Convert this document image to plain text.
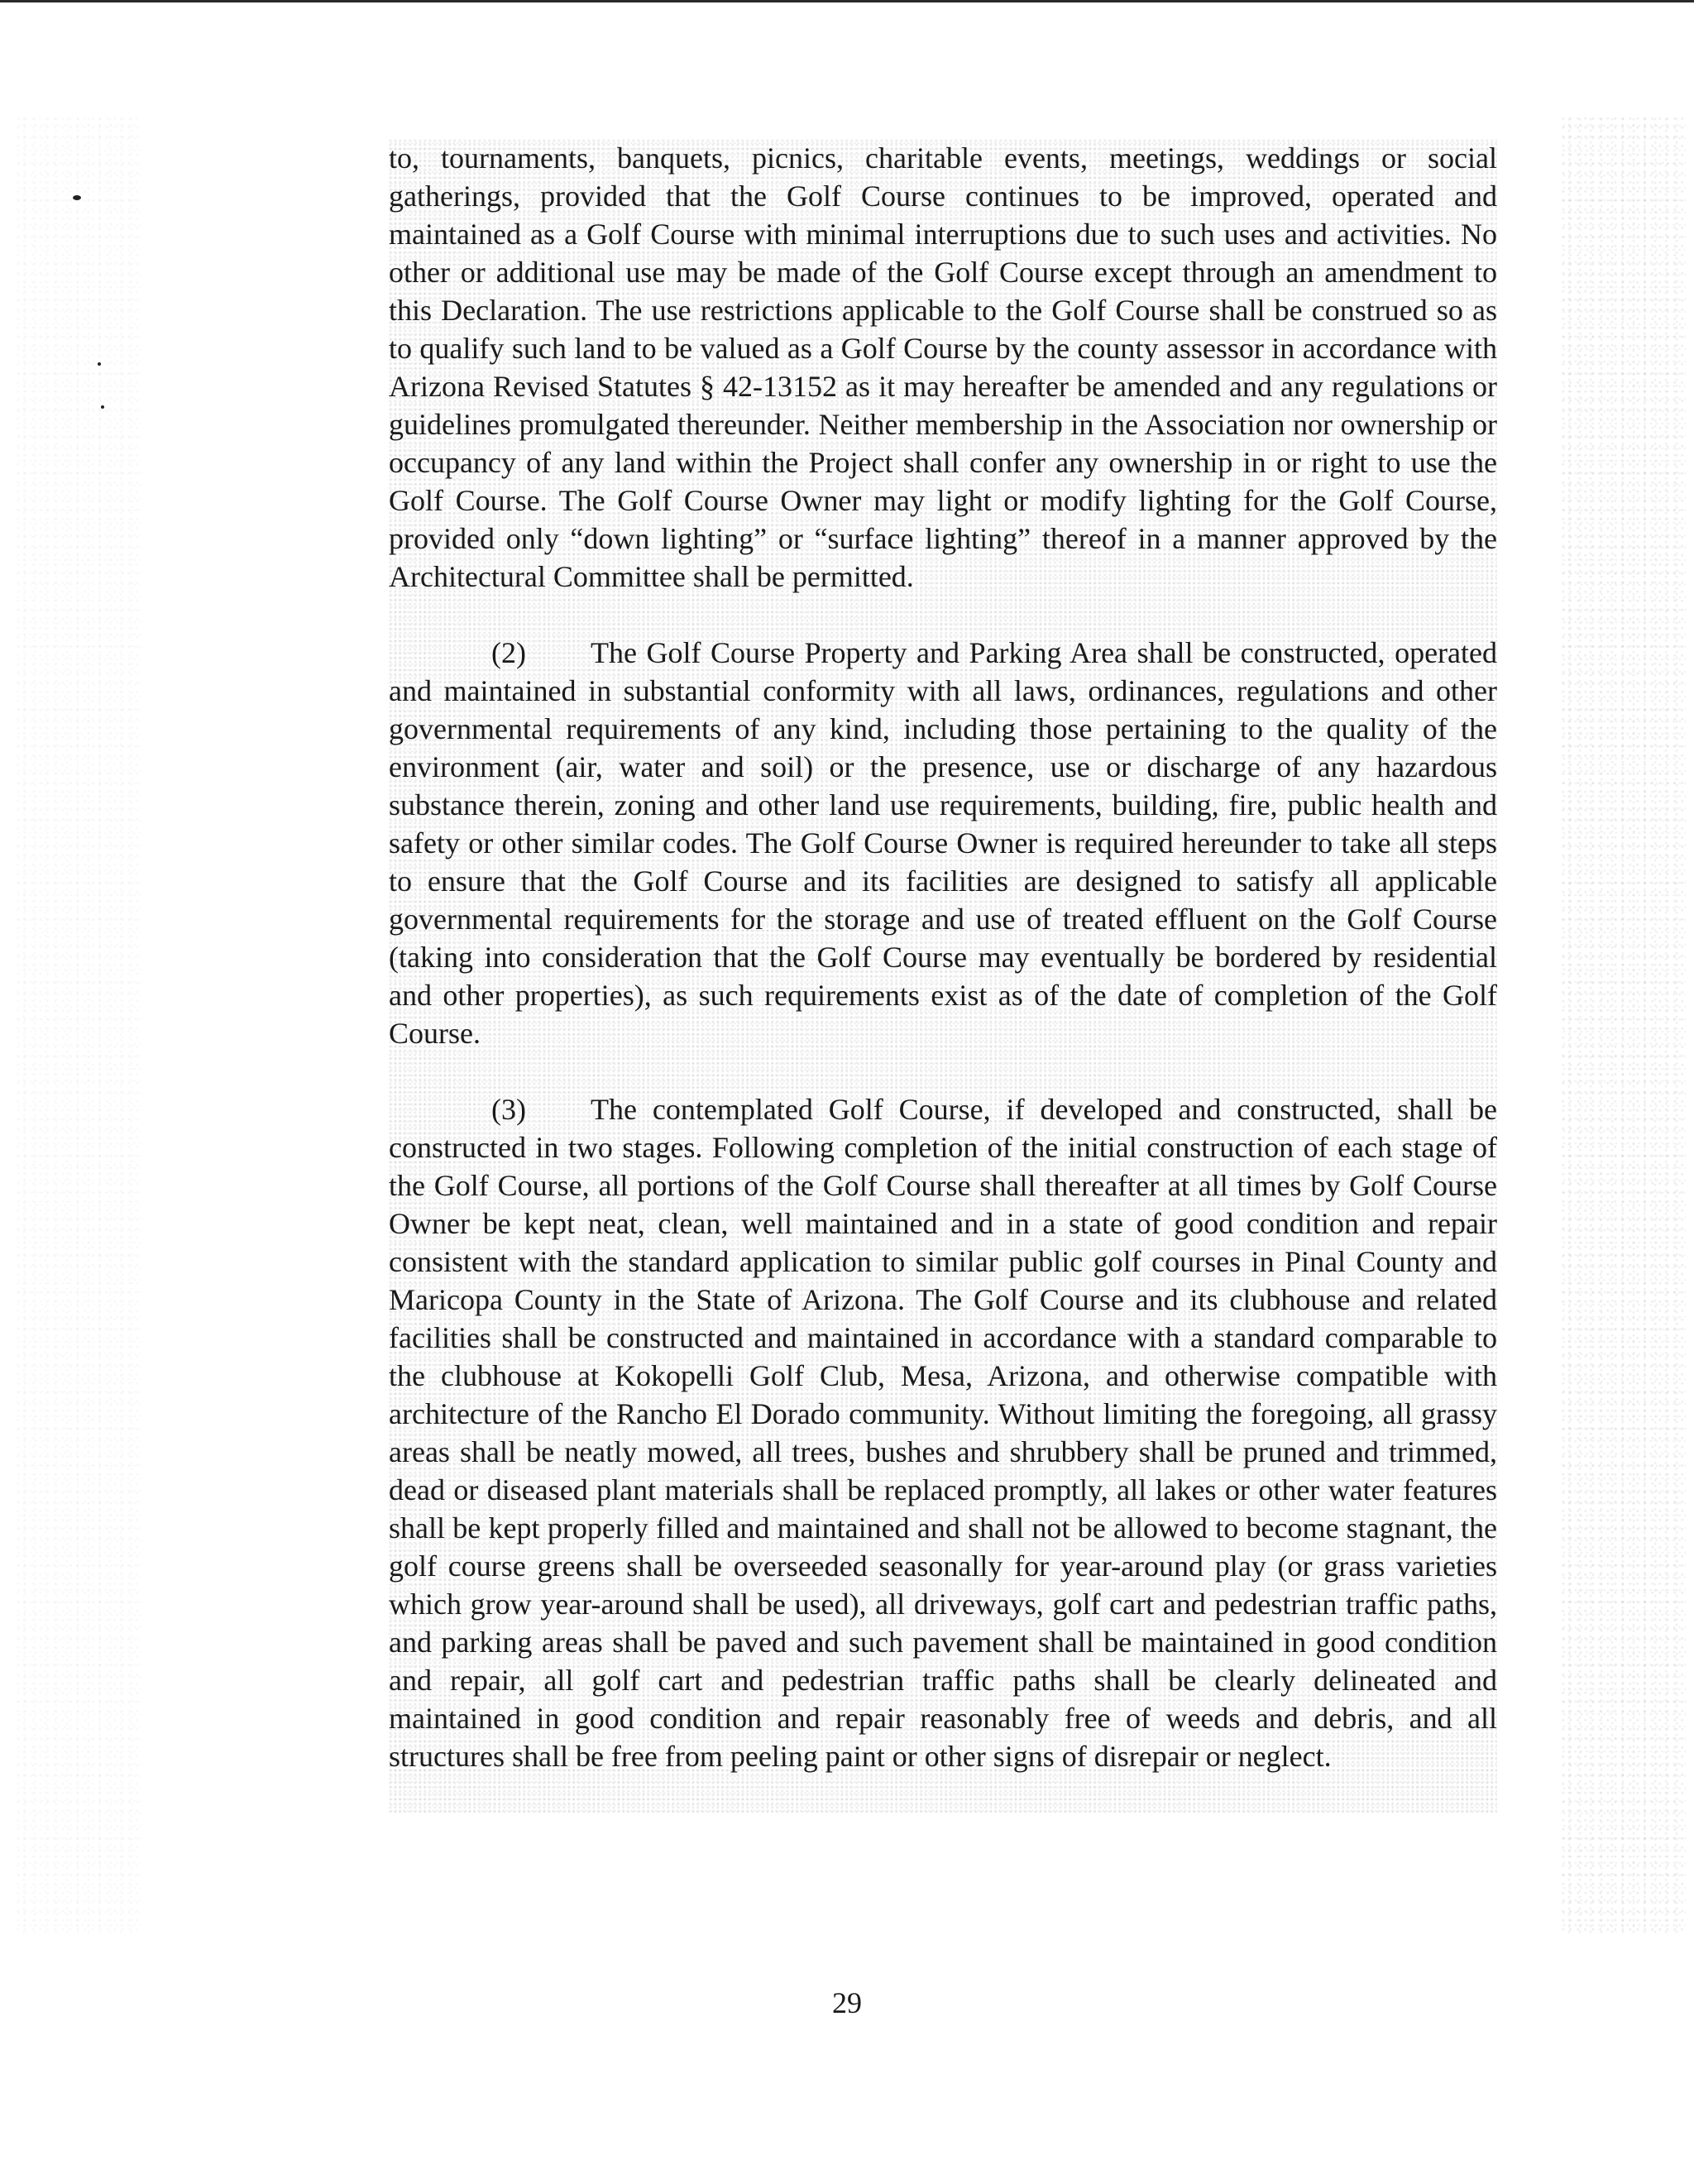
to, tournaments, banquets, picnics, charitable events, meetings, weddings or social gatherings, provided that the Golf Course continues to be improved, operated and maintained as a Golf Course with minimal interruptions due to such uses and activities. No other or additional use may be made of the Golf Course except through an amendment to this Declaration. The use restrictions applicable to the Golf Course shall be construed so as to qualify such land to be valued as a Golf Course by the county assessor in accordance with Arizona Revised Statutes § 42-13152 as it may hereafter be amended and any regulations or guidelines promulgated thereunder. Neither membership in the Association nor ownership or occupancy of any land within the Project shall confer any ownership in or right to use the Golf Course. The Golf Course Owner may light or modify lighting for the Golf Course, provided only “down lighting” or “surface lighting” thereof in a manner approved by the Architectural Committee shall be permitted.

(2) The Golf Course Property and Parking Area shall be constructed, operated and maintained in substantial conformity with all laws, ordinances, regulations and other governmental requirements of any kind, including those pertaining to the quality of the environment (air, water and soil) or the presence, use or discharge of any hazardous substance therein, zoning and other land use requirements, building, fire, public health and safety or other similar codes. The Golf Course Owner is required hereunder to take all steps to ensure that the Golf Course and its facilities are designed to satisfy all applicable governmental requirements for the storage and use of treated effluent on the Golf Course (taking into consideration that the Golf Course may eventually be bordered by residential and other properties), as such requirements exist as of the date of completion of the Golf Course.

(3) The contemplated Golf Course, if developed and constructed, shall be constructed in two stages. Following completion of the initial construction of each stage of the Golf Course, all portions of the Golf Course shall thereafter at all times by Golf Course Owner be kept neat, clean, well maintained and in a state of good condition and repair consistent with the standard application to similar public golf courses in Pinal County and Maricopa County in the State of Arizona. The Golf Course and its clubhouse and related facilities shall be constructed and maintained in accordance with a standard comparable to the clubhouse at Kokopelli Golf Club, Mesa, Arizona, and otherwise compatible with architecture of the Rancho El Dorado community. Without limiting the foregoing, all grassy areas shall be neatly mowed, all trees, bushes and shrubbery shall be pruned and trimmed, dead or diseased plant materials shall be replaced promptly, all lakes or other water features shall be kept properly filled and maintained and shall not be allowed to become stagnant, the golf course greens shall be overseeded seasonally for year-around play (or grass varieties which grow year-around shall be used), all driveways, golf cart and pedestrian traffic paths, and parking areas shall be paved and such pavement shall be maintained in good condition and repair, all golf cart and pedestrian traffic paths shall be clearly delineated and maintained in good condition and repair reasonably free of weeds and debris, and all structures shall be free from peeling paint or other signs of disrepair or neglect.

29
